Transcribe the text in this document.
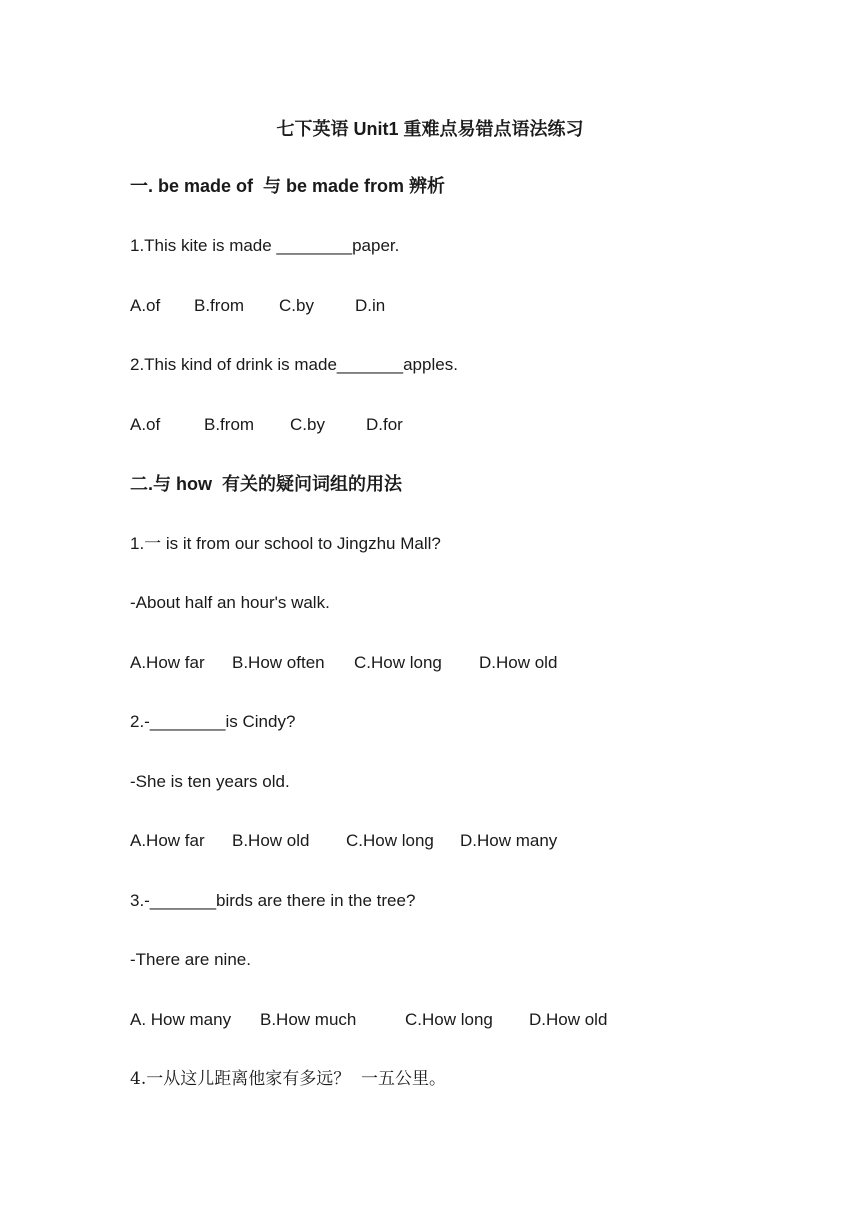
七下英语 Unit1 重难点易错点语法练习
一. be made of  与 be made from 辨析
1.This kite is made ________paper.
A.of	B.from	C.by	D.in
2.This kind of drink is made_______apples.
A.of	B.from	C.by	D.for
二.与 how  有关的疑问词组的用法
1.一 is it from our school to Jingzhu Mall?
-About half an hour's walk.
A.How far	B.How often	C.How long	D.How old
2.-________is Cindy?
-She is ten years old.
A.How far	B.How old	C.How long	D.How many
3.-_______birds are there in the tree?
-There are nine.
A. How many	B.How much	C.How long	D.How old
4.一从这儿距离他家有多远？  一五公里。
